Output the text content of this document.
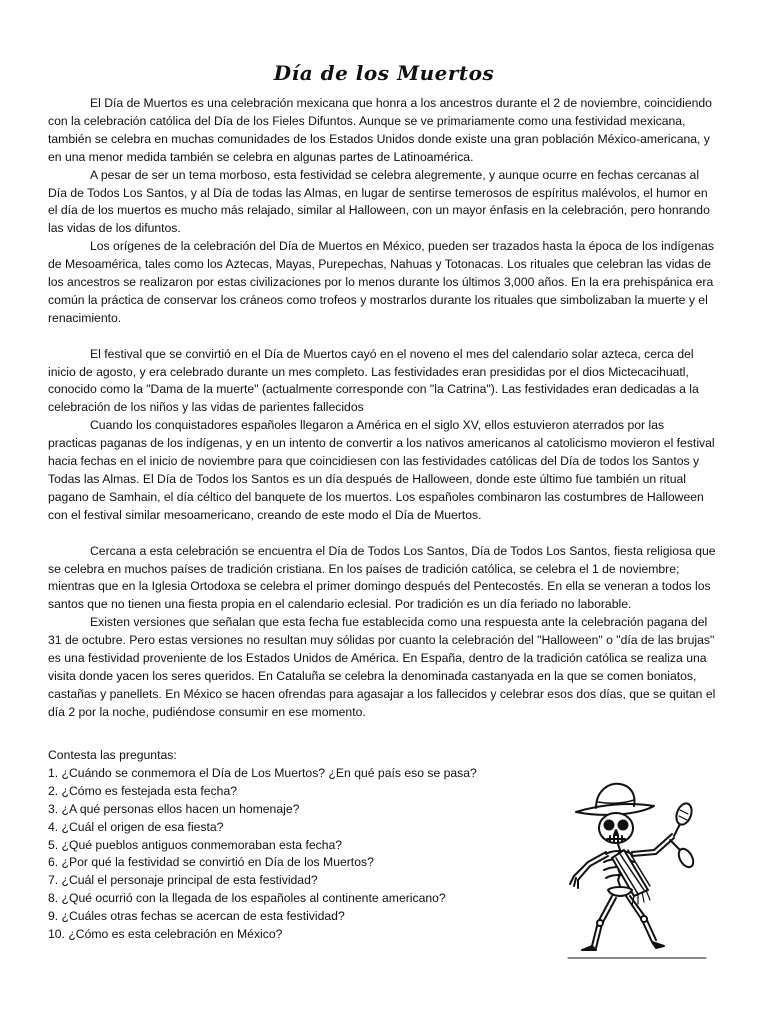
Día de los Muertos

El Día de Muertos es una celebración mexicana que honra a los ancestros durante el 2 de noviembre, coincidiendo con la celebración católica del Día de los Fieles Difuntos. Aunque se ve primariamente como una festividad mexicana, también se celebra en muchas comunidades de los Estados Unidos donde existe una gran población México-americana, y en una menor medida también se celebra en algunas partes de Latinoamérica.

A pesar de ser un tema morboso, esta festividad se celebra alegremente, y aunque ocurre en fechas cercanas al Día de Todos Los Santos, y al Día de todas las Almas, en lugar de sentirse temerosos de espíritus malévolos, el humor en el día de los muertos es mucho más relajado, similar al Halloween, con un mayor énfasis en la celebración, pero honrando las vidas de los difuntos.

Los orígenes de la celebración del Día de Muertos en México, pueden ser trazados hasta la época de los indígenas de Mesoamérica, tales como los Aztecas, Mayas, Purepechas, Nahuas y Totonacas. Los rituales que celebran las vidas de los ancestros se realizaron por estas civilizaciones por lo menos durante los últimos 3,000 años. En la era prehispánica era común la práctica de conservar los cráneos como trofeos y mostrarlos durante los rituales que simbolizaban la muerte y el renacimiento.

El festival que se convirtió en el Día de Muertos cayó en el noveno el mes del calendario solar azteca, cerca del inicio de agosto, y era celebrado durante un mes completo. Las festividades eran presididas por el dios Mictecacihuatl, conocido como la "Dama de la muerte" (actualmente corresponde con "la Catrina"). Las festividades eran dedicadas a la celebración de los niños y las vidas de parientes fallecidos

Cuando los conquistadores españoles llegaron a América en el siglo XV, ellos estuvieron aterrados por las practicas paganas de los indígenas, y en un intento de convertir a los nativos americanos al catolicismo movieron el festival hacia fechas en el inicio de noviembre para que coincidiesen con las festividades católicas del Día de todos los Santos y Todas las Almas. El Día de Todos los Santos es un día después de Halloween, donde este último fue también un ritual pagano de Samhain, el día céltico del banquete de los muertos. Los españoles combinaron las costumbres de Halloween con el festival similar mesoamericano, creando de este modo el Día de Muertos.

Cercana a esta celebración se encuentra el Día de Todos Los Santos, Día de Todos Los Santos, fiesta religiosa que se celebra en muchos países de tradición cristiana. En los países de tradición católica, se celebra el 1 de noviembre; mientras que en la Iglesia Ortodoxa se celebra el primer domingo después del Pentecostés. En ella se veneran a todos los santos que no tienen una fiesta propia en el calendario eclesial. Por tradición es un día feriado no laborable.

Existen versiones que señalan que esta fecha fue establecida como una respuesta ante la celebración pagana del 31 de octubre. Pero estas versiones no resultan muy sólidas por cuanto la celebración del "Halloween" o "día de las brujas" es una festividad proveniente de los Estados Unidos de América. En España, dentro de la tradición católica se realiza una visita donde yacen los seres queridos. En Cataluña se celebra la denominada castanyada en la que se comen boniatos, castañas y panellets. En México se hacen ofrendas para agasajar a los fallecidos y celebrar esos dos días, que se quitan el día 2 por la noche, pudiéndose consumir en ese momento.

Contesta las preguntas:

1. ¿Cuándo se conmemora el Día de Los Muertos? ¿En qué país eso se pasa?
2. ¿Cómo es festejada esta fecha?
3. ¿A qué personas ellos hacen un homenaje?
4. ¿Cuál el origen de esa fiesta?
5. ¿Qué pueblos antiguos conmemoraban esta fecha?
6. ¿Por qué la festividad se convirtió en Día de los Muertos?
7. ¿Cuál el personaje principal de esta festividad?
8. ¿Qué ocurrió con la llegada de los españoles al continente americano?
9. ¿Cuáles otras fechas se acercan de esta festividad?
10. ¿Cómo es esta celebración en México?
